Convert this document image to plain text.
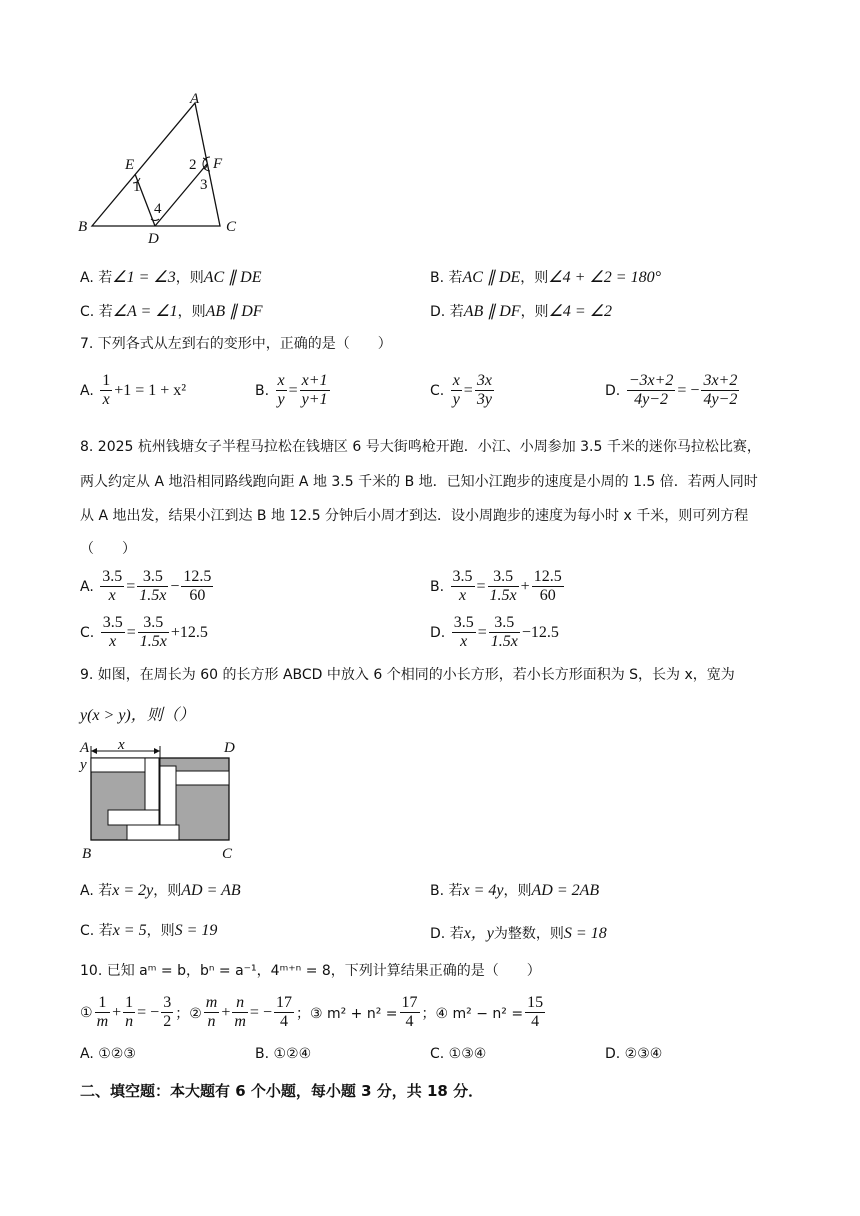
A
B	C
D
E	F
1
2
3
4
A. 若∠1 = ∠3，则AC ∥ DE	B. 若AC ∥ DE，则∠4 + ∠2 = 180°
C. 若∠A = ∠1，则AB ∥ DF	D. 若AB ∥ DF，则∠4 = ∠2
7. 下列各式从左到右的变形中，正确的是（　　）
A.
$\frac{1}{x} +1 = 1 + x^2$	B.
$\frac{x}{y} = \frac{x+1}{y+1}$	C.
$\frac{x}{y} = \frac{3x}{3y}$	D.
$\frac{-3x+2}{4y-2}$ = − $\frac{3x+2}{4y-2}$
8. 2025 杭州钱塘女子半程马拉松在钱塘区 6 号大街鸣枪开跑．小江、小周参加 3.5 千米的迷你马拉松比赛，
两人约定从 A 地沿相同路线跑向距 A 地 3.5 千米的 B 地．已知小江跑步的速度是小周的 1.5 倍．若两人同时
从 A 地出发，结果小江到达 B 地 12.5 分钟后小周才到达．设小周跑步的速度为每小时 x 千米，则可列方程
（　　）
A.
$\frac{3.5}{x} = \frac{3.5}{1.5x} - \frac{12.5}{60}$	B.
$\frac{3.5}{x} = \frac{3.5}{1.5x} + \frac{12.5}{60}$
C.
$\frac{3.5}{x} = \frac{3.5}{1.5x} +12.5$	D.
$\frac{3.5}{x} = \frac{3.5}{1.5x} -12.5$
9. 如图，在周长为 60 的长方形 ABCD 中放入 6 个相同的小长方形，若小长方形面积为 S，长为 x，宽为
y(x > y)，则（）
A	D
B	C
x
y
A. 若x = 2y，则AD = AB	B. 若x = 4y，则AD = 2AB
C. 若x = 5，则S = 19	D. 若x，y为整数，则S = 18
10. 已知 aᵐ = b，bⁿ = a⁻¹，4ᵐ⁺ⁿ = 8，下列计算结果正确的是（　　）
① $\frac{1}{m} + \frac{1}{n}$ = − $\frac{3}{2}$ ；② $\frac{m}{n} + \frac{n}{m}$ = − $\frac{17}{4}$ ；③ $m^2 + n^2 = \frac{17}{4}$ ；④ $m^2 - n^2 = \frac{15}{4}$
A. ①②③	B. ①②④	C. ①③④	D. ②③④
二、填空题：本大题有 6 个小题，每小题 3 分，共 18 分．
